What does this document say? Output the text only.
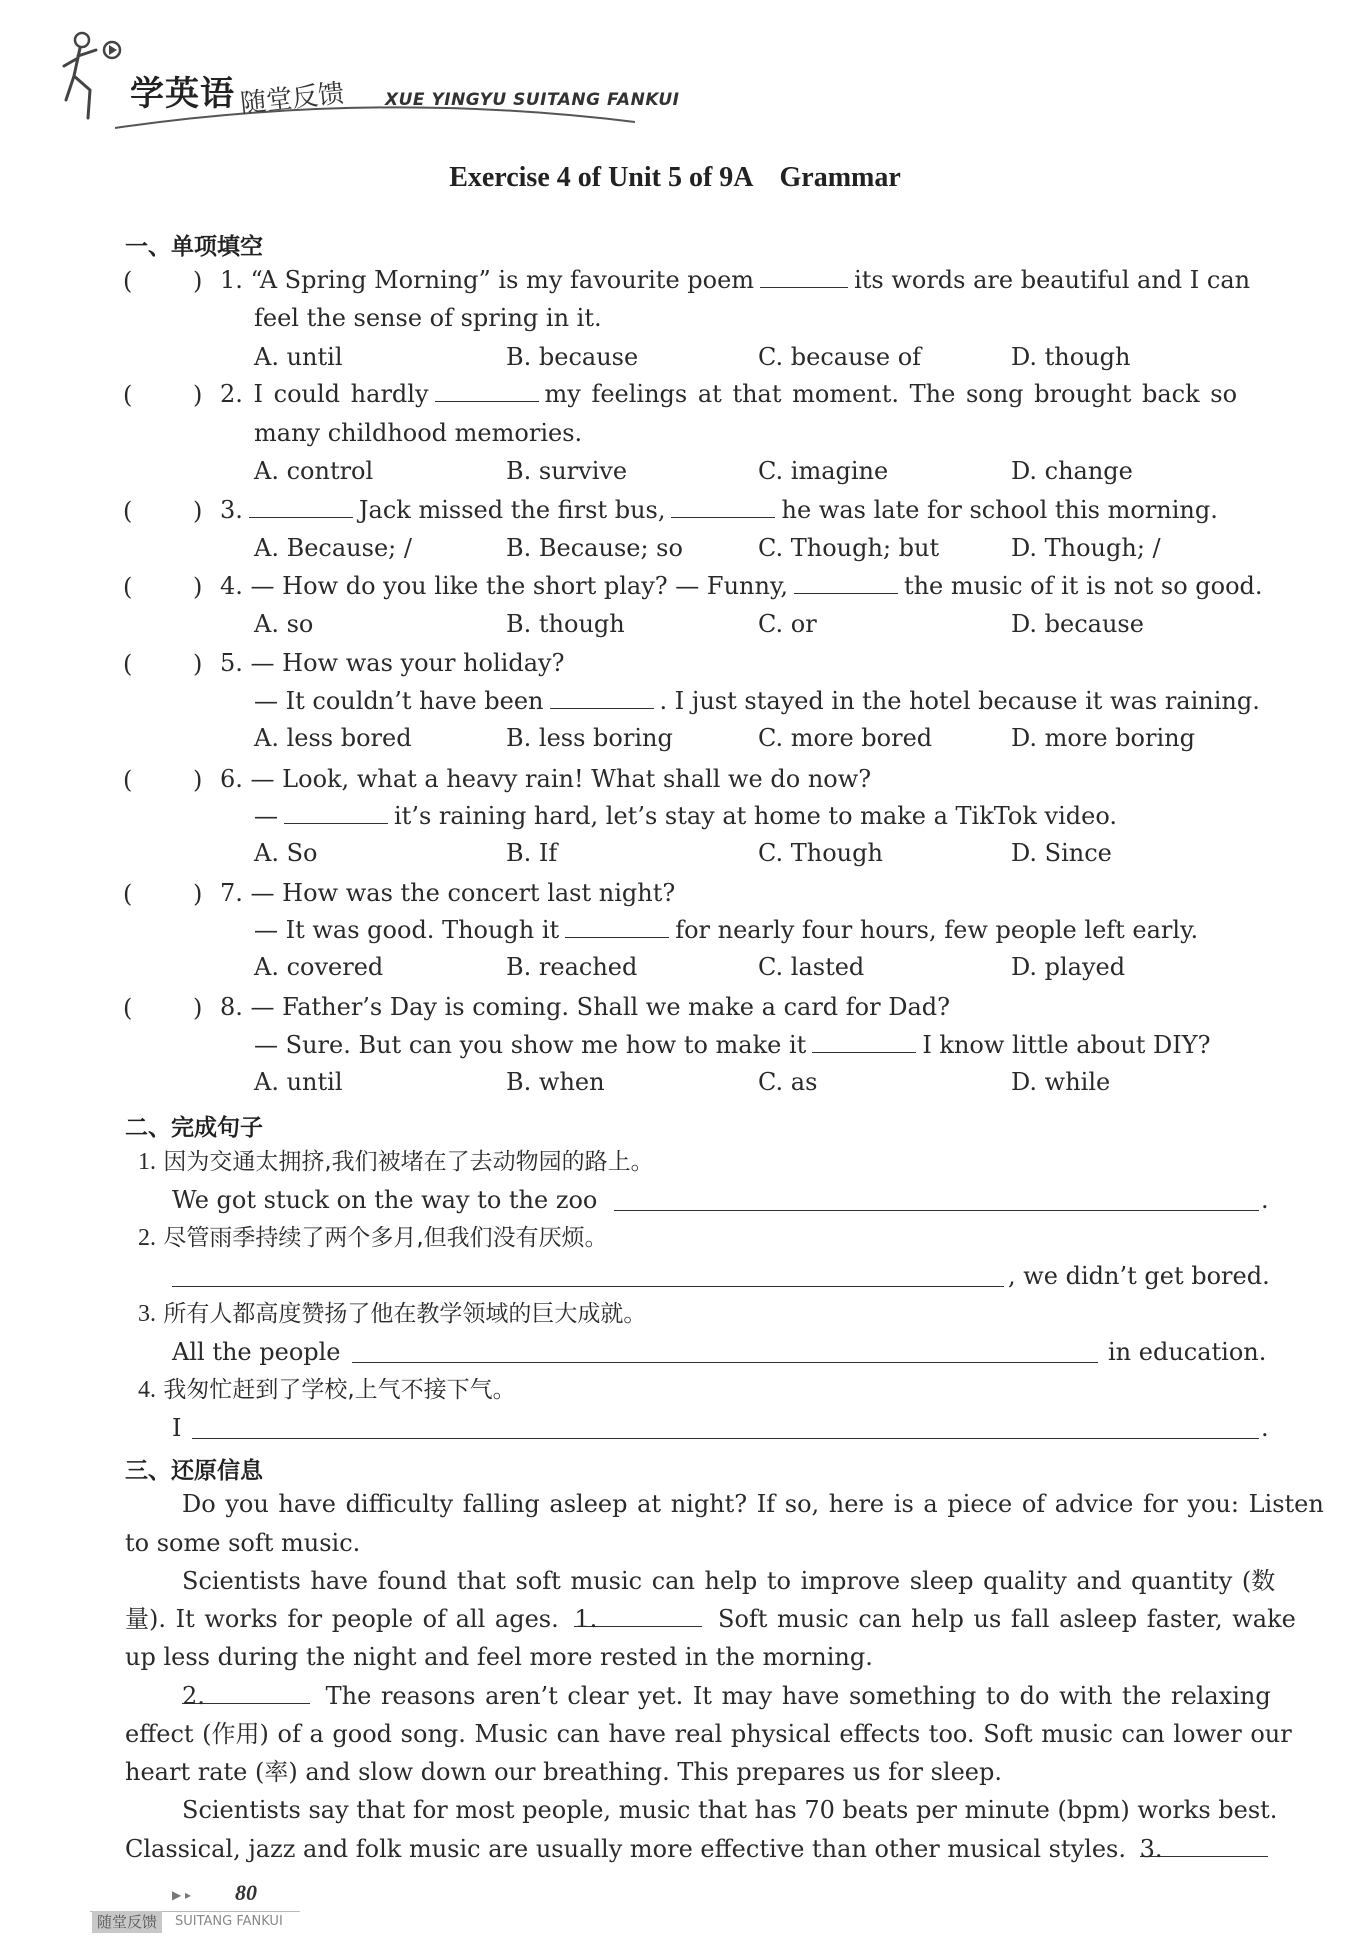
学英语 随堂反馈 XUE YINGYU SUITANG FANKUI
Exercise 4 of Unit 5 of 9A Grammar
一、单项填空
(	) 1. “A Spring Morning” is my favourite poem	its words are beautiful and I can
feel the sense of spring in it.
A. until	B. because	C. because of	D. though
(	) 2. I could hardly	my feelings at that moment. The song brought back so
many childhood memories.
A. control	B. survive	C. imagine	D. change
(	) 3.	Jack missed the first bus,	he was late for school this morning.
A. Because; /	B. Because; so	C. Though; but	D. Though; /
(	) 4. — How do you like the short play? — Funny,	the music of it is not so good.
A. so	B. though	C. or	D. because
(	) 5. — How was your holiday?
— It couldn’t have been	. I just stayed in the hotel because it was raining.
A. less bored	B. less boring	C. more bored	D. more boring
(	) 6. — Look, what a heavy rain! What shall we do now?
—	it’s raining hard, let’s stay at home to make a TikTok video.
A. So	B. If	C. Though	D. Since
(	) 7. — How was the concert last night?
— It was good. Though it	for nearly four hours, few people left early.
A. covered	B. reached	C. lasted	D. played
(	) 8. — Father’s Day is coming. Shall we make a card for Dad?
— Sure. But can you show me how to make it	I know little about DIY?
A. until	B. when	C. as	D. while
二、完成句子
1. 因为交通太拥挤,我们被堵在了去动物园的路上。
We got stuck on the way to the zoo	.
2. 尽管雨季持续了两个多月,但我们没有厌烦。
, we didn’t get bored.
3. 所有人都高度赞扬了他在教学领域的巨大成就。
All the people	in education.
4. 我匆忙赶到了学校,上气不接下气。
I	.
三、还原信息
Do you have difficulty falling asleep at night? If so, here is a piece of advice for you: Listen
to some soft music.
Scientists have found that soft music can help to improve sleep quality and quantity (数
量). It works for people of all ages. 1.	Soft music can help us fall asleep faster, wake
up less during the night and feel more rested in the morning.
2.	The reasons aren’t clear yet. It may have something to do with the relaxing
effect (作用) of a good song. Music can have real physical effects too. Soft music can lower our
heart rate (率) and slow down our breathing. This prepares us for sleep.
Scientists say that for most people, music that has 70 beats per minute (bpm) works best.
Classical, jazz and folk music are usually more effective than other musical styles. 3.
▶ ▸ 80
随堂反馈	SUITANG FANKUI
